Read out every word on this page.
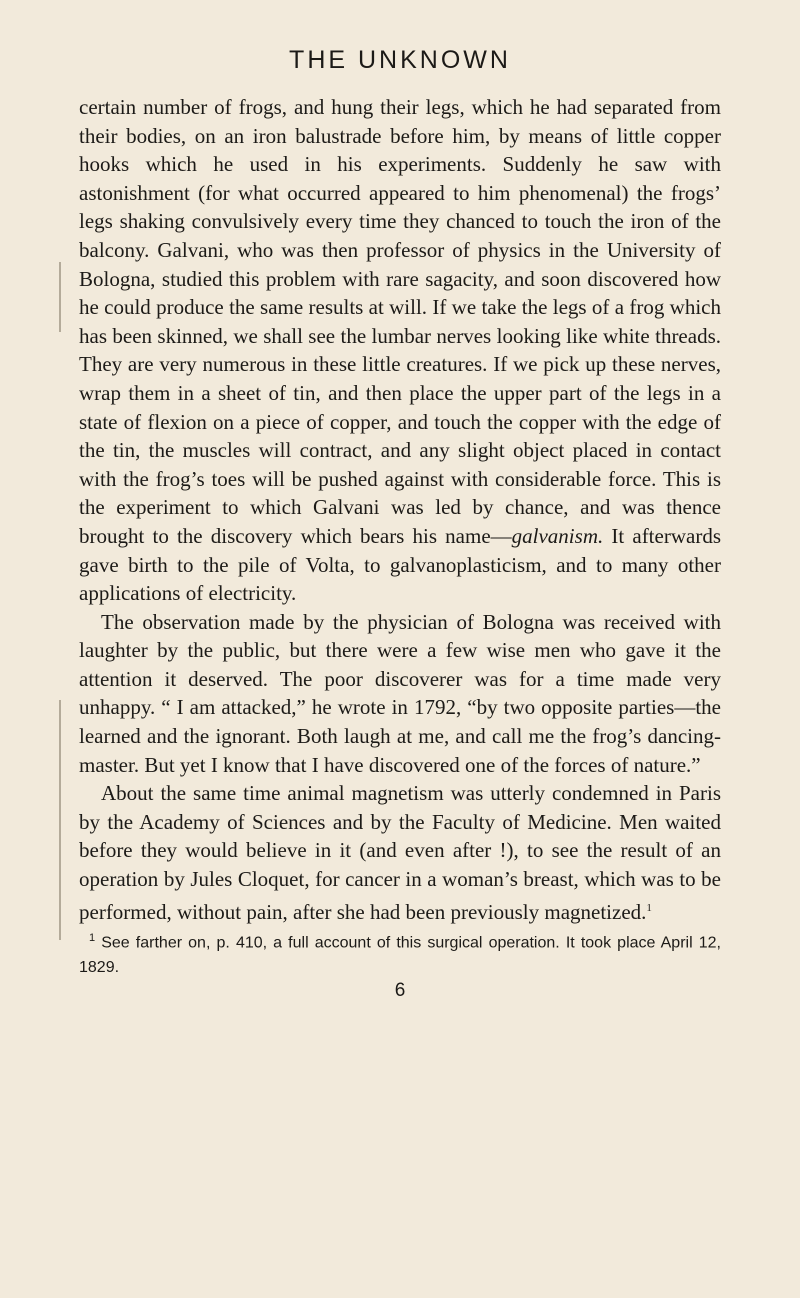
THE UNKNOWN

certain number of frogs, and hung their legs, which he had separated from their bodies, on an iron balustrade before him, by means of little copper hooks which he used in his experiments. Suddenly he saw with astonishment (for what occurred appeared to him phenomenal) the frogs’ legs shaking convulsively every time they chanced to touch the iron of the balcony. Galvani, who was then professor of physics in the University of Bologna, studied this problem with rare sagacity, and soon discovered how he could produce the same results at will. If we take the legs of a frog which has been skinned, we shall see the lumbar nerves looking like white threads. They are very numerous in these little creatures. If we pick up these nerves, wrap them in a sheet of tin, and then place the upper part of the legs in a state of flexion on a piece of copper, and touch the copper with the edge of the tin, the muscles will contract, and any slight object placed in contact with the frog’s toes will be pushed against with considerable force. This is the experiment to which Galvani was led by chance, and was thence brought to the discovery which bears his name—galvanism. It afterwards gave birth to the pile of Volta, to galvanoplasticism, and to many other applications of electricity.

The observation made by the physician of Bologna was received with laughter by the public, but there were a few wise men who gave it the attention it deserved. The poor discoverer was for a time made very unhappy. “ I am attacked,” he wrote in 1792, “by two opposite parties—the learned and the ignorant. Both laugh at me, and call me the frog’s dancing-master. But yet I know that I have discovered one of the forces of nature.”

About the same time animal magnetism was utterly condemned in Paris by the Academy of Sciences and by the Faculty of Medicine. Men waited before they would believe in it (and even after !), to see the result of an operation by Jules Cloquet, for cancer in a woman’s breast, which was to be performed, without pain, after she had been previously magnetized.$^1$

$^1$ See farther on, p. 410, a full account of this surgical operation. It took place April 12, 1829.

6
